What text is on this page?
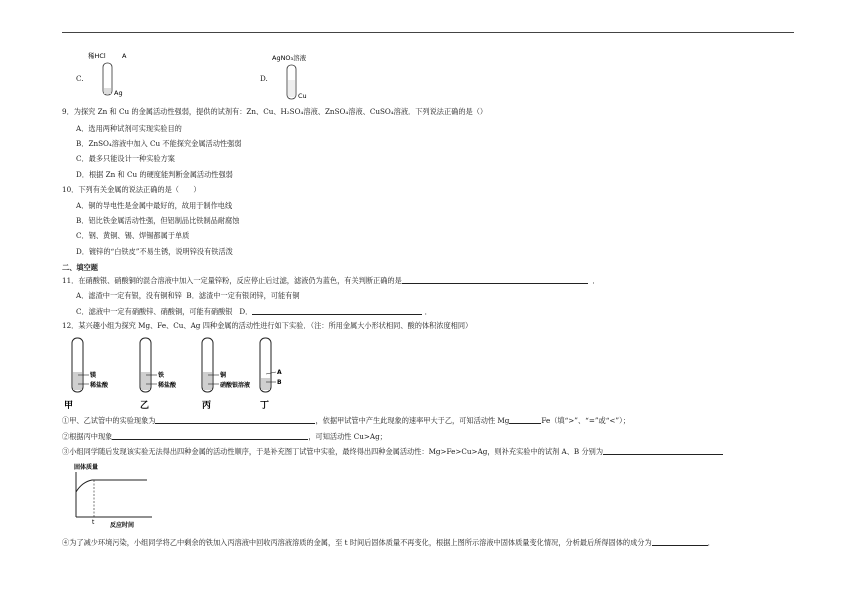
C.
稀HCl	A
Ag
D.
AgNO₃溶液
Cu
9．为探究 Zn 和 Cu 的金属活动性强弱，提供的试剂有：Zn、Cu、H₂SO₄溶液、ZnSO₄溶液、CuSO₄溶液．下列说法正确的是（）
A．选用两种试剂可实现实验目的
B．ZnSO₄溶液中加入 Cu 不能探究金属活动性强弱
C．最多只能设计一种实验方案
D．根据 Zn 和 Cu 的硬度能判断金属活动性强弱
10．下列有关金属的说法正确的是（　　）
A．铜的导电性是金属中最好的，故用于制作电线
B．铝比铁金属活动性强，但铝制品比铁制品耐腐蚀
C．钢、黄铜、锡、焊锡都属于单质
D．镀锌的“白铁皮”不易生锈，说明锌没有铁活泼
二、填空题
11．在硝酸银、硝酸铜的混合溶液中加入一定量锌粉，反应停止后过滤，滤液仍为蓝色，有关判断正确的是	．
A．滤渣中一定有银，没有铜和锌 B．滤渣中一定有银闭锌，可能有铜
C．滤液中一定有硝酸锌、硝酸铜，可能有硝酸银 D．	．
12．某兴趣小组为探究 Mg、Fe、Cu、Ag 四种金属的活动性进行如下实验．（注：所用金属大小形状相同、酸的体积浓度相同）
镁
稀盐酸
甲
铁
稀盐酸
乙
铜
硝酸银溶液
丙
A
B
丁
①甲、乙试管中的实验现象为	，依据甲试管中产生此现象的速率甲大于乙，可知活动性 Mg	Fe（填“>”、“=”或“<”）；
②根据丙中现象	，可知活动性 Cu>Ag；
③小组同学随后发现该实验无法得出四种金属的活动性顺序，于是补充图丁试管中实验，最终得出四种金属活动性：Mg>Fe>Cu>Ag，则补充实验中的试剂 A、B 分别为
固体质量
t	反应时间
④为了减少环境污染，小组同学将乙中剩余的铁加入丙溶液中回收丙溶液溶质的金属，至 t 时间后固体质量不再变化，根据上图所示溶液中固体质量变化情况，分析最后所得固体的成分为	．
